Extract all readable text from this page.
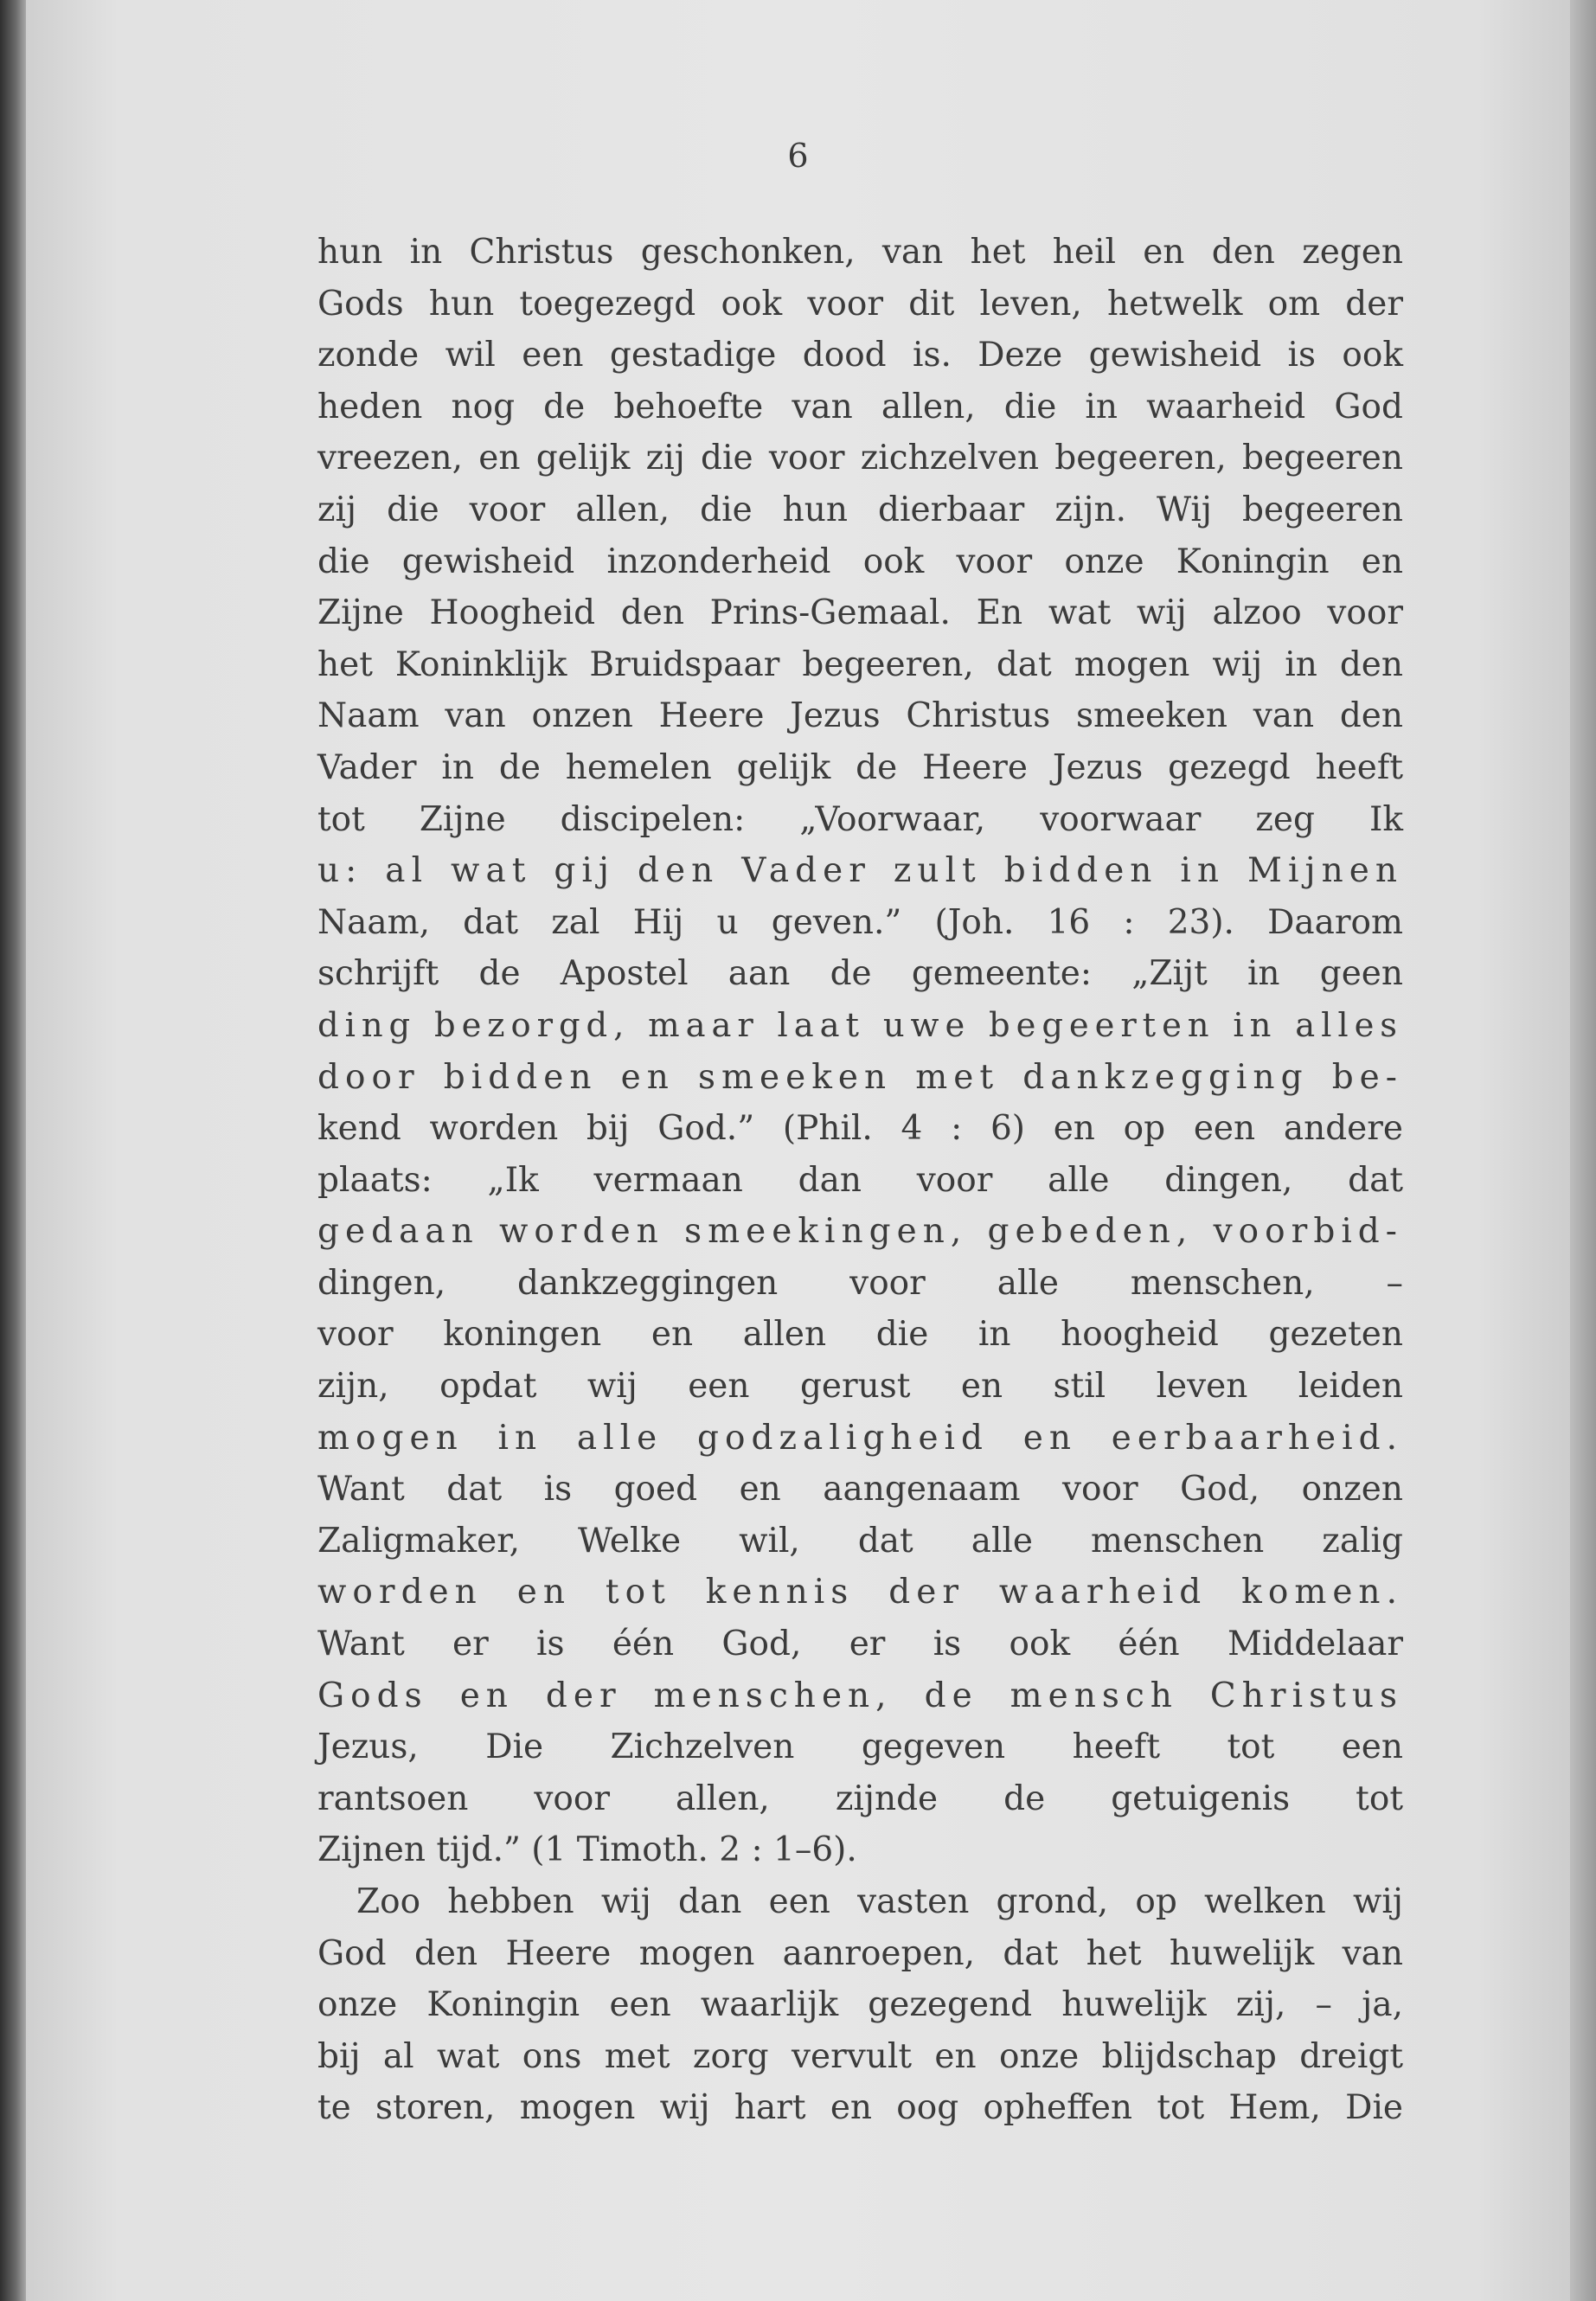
6
hun in Christus geschonken, van het heil en den zegen
Gods hun toegezegd ook voor dit leven, hetwelk om der
zonde wil een gestadige dood is. Deze gewisheid is ook
heden nog de behoefte van allen, die in waarheid God
vreezen, en gelijk zij die voor zichzelven begeeren, begeeren
zij die voor allen, die hun dierbaar zijn. Wij begeeren
die gewisheid inzonderheid ook voor onze Koningin en
Zijne Hoogheid den Prins-Gemaal. En wat wij alzoo voor
het Koninklijk Bruidspaar begeeren, dat mogen wij in den
Naam van onzen Heere Jezus Christus smeeken van den
Vader in de hemelen gelijk de Heere Jezus gezegd heeft
tot Zijne discipelen: „Voorwaar, voorwaar zeg Ik
u: al wat gij den Vader zult bidden in Mijnen
Naam, dat zal Hij u geven.” (Joh. 16 : 23). Daarom
schrijft de Apostel aan de gemeente: „Zijt in geen
ding bezorgd, maar laat uwe begeerten in alles
door bidden en smeeken met dankzegging be-
kend worden bij God.” (Phil. 4 : 6) en op een andere
plaats: „Ik vermaan dan voor alle dingen, dat
gedaan worden smeekingen, gebeden, voorbid-
dingen, dankzeggingen voor alle menschen, –
voor koningen en allen die in hoogheid gezeten
zijn, opdat wij een gerust en stil leven leiden
mogen in alle godzaligheid en eerbaarheid.
Want dat is goed en aangenaam voor God, onzen
Zaligmaker, Welke wil, dat alle menschen zalig
worden en tot kennis der waarheid komen.
Want er is één God, er is ook één Middelaar
Gods en der menschen, de mensch Christus
Jezus, Die Zichzelven gegeven heeft tot een
rantsoen voor allen, zijnde de getuigenis tot
Zijnen tijd.” (1 Timoth. 2 : 1–6).
Zoo hebben wij dan een vasten grond, op welken wij
God den Heere mogen aanroepen, dat het huwelijk van
onze Koningin een waarlijk gezegend huwelijk zij, – ja,
bij al wat ons met zorg vervult en onze blijdschap dreigt
te storen, mogen wij hart en oog opheffen tot Hem, Die
